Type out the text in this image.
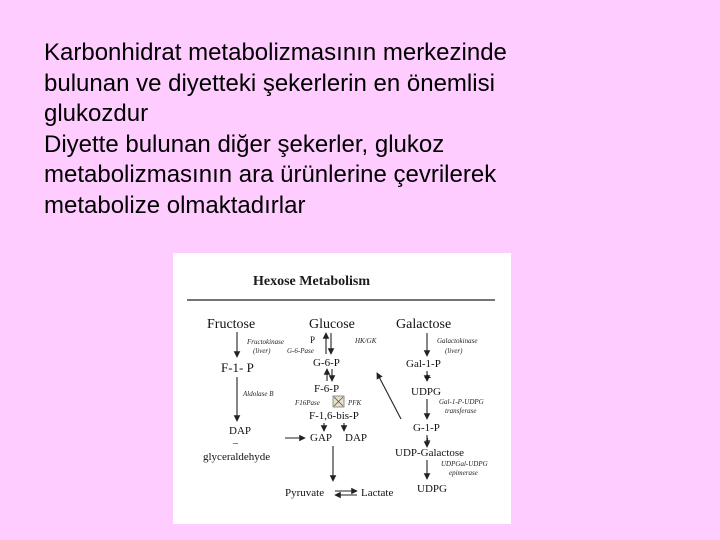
Karbonhidrat metabolizmasının merkezinde

bulunan ve diyetteki şekerlerin en önemlisi

glukozdur

Diyette bulunan diğer şekerler, glukoz

metabolizmasının ara ürünlerine çevrilerek

metabolize olmaktadırlar

Hexose Metabolism
Fructose	Glucose	Galactose
Fructokinase
(liver)
F-1- P
Aldolase B
DAP
–
glyceraldehyde
P
G-6-Pase
HK/GK
G-6-P
F-6-P
F16Pase	PFK
F-1,6-bis-P
GAP DAP
Pyruvate	Lactate
Galactokinase
(liver)
Gal-1-P
+
UDPG
Gal-1-P-UDPG
transferase
G-1-P
+
UDP-Galactose
UDPGal-UDPG
epimerase
UDPG
